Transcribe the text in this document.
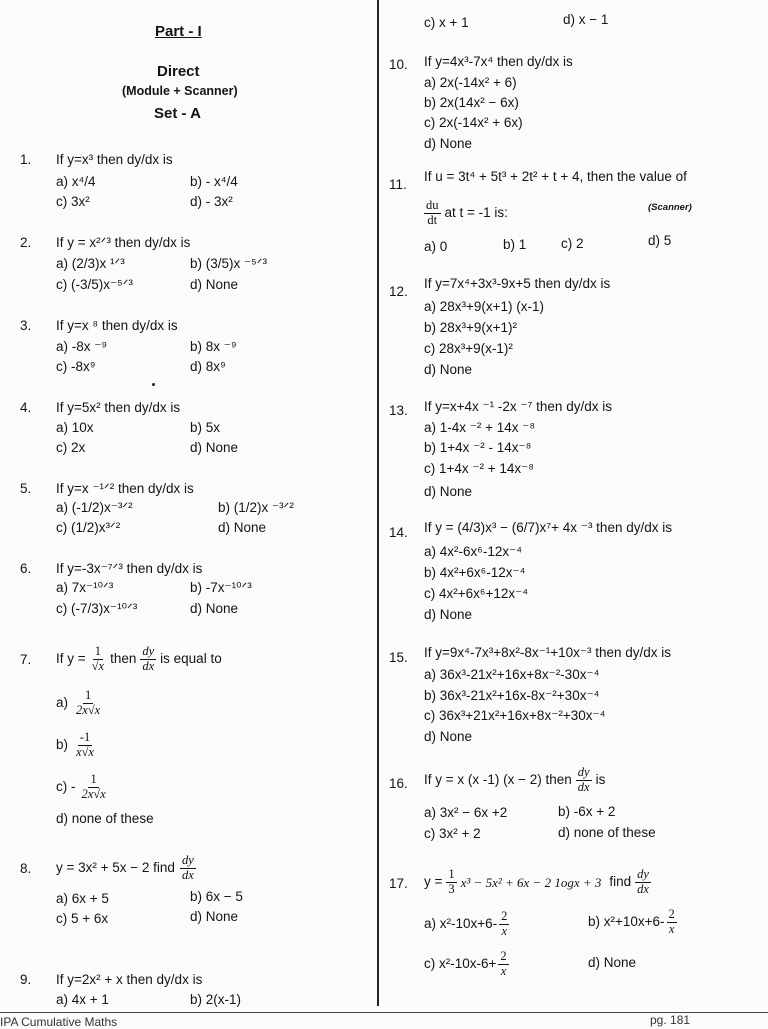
Part - I
Direct
(Module + Scanner)
Set - A
1. If y=x³ then dy/dx is
a) x⁴/4	b) - x⁴/4
c) 3x²	d) - 3x²
2. If y = x²ᐟ³ then dy/dx is
a) (2/3)x ¹ᐟ³	b) (3/5)x ⁻⁵ᐟ³
c) (-3/5)x⁻⁵ᐟ³	d) None
3. If y=x ⁸ then dy/dx is
a) -8x ⁻⁹	b) 8x ⁻⁹
c) -8x⁹	d) 8x⁹
4. If y=5x² then dy/dx is
a) 10x	b) 5x
c) 2x	d) None
5. If y=x ⁻¹ᐟ² then dy/dx is
a) (-1/2)x⁻³ᐟ²	b) (1/2)x ⁻³ᐟ²
c) (1/2)x³ᐟ²	d) None
6. If y=-3x⁻⁷ᐟ³ then dy/dx is
a) 7x⁻¹⁰ᐟ³	b) -7x⁻¹⁰ᐟ³
c) (-7/3)x⁻¹⁰ᐟ³	d) None
7. If $y = \frac{1}{√x}$ then $\frac{dy}{dx}$ is equal to
$a) \frac{1}{2x√x}$
$b) \frac{-1}{x√x}$
$c) - \frac{1}{2x√x}$
d) none of these
8. y = 3x² + 5x − 2 find $\frac{dy}{dx}$
a) 6x + 5	b) 6x − 5
c) 5 + 6x	d) None
9. If y=2x² + x then dy/dx is
a) 4x + 1	b) 2(x-1)
c) x + 1	d) x − 1
10. If y=4x³-7x⁴ then dy/dx is
a) 2x(-14x² + 6)
b) 2x(14x² − 6x)
c) 2x(-14x² + 6x)
d) None
11.
If u = 3t⁴ + 5t³ + 2t² + t + 4, then the value of
$\frac{du}{dt}$ at t = -1 is:	(Scanner)
a) 0	b) 1	c) 2	d) 5
12.
If y=7x⁴+3x³-9x+5 then dy/dx is
a) 28x³+9(x+1) (x-1)
b) 28x³+9(x+1)²
c) 28x³+9(x-1)²
d) None
13. If y=x+4x ⁻¹ -2x ⁻⁷ then dy/dx is
a) 1-4x ⁻² + 14x ⁻⁸
b) 1+4x ⁻² - 14x⁻⁸
c) 1+4x ⁻² + 14x⁻⁸
d) None
14. If y = (4/3)x³ − (6/7)x⁷+ 4x ⁻³ then dy/dx is
a) 4x²-6x⁶-12x⁻⁴
b) 4x²+6x⁶-12x⁻⁴
c) 4x²+6x⁶+12x⁻⁴
d) None
15. If y=9x⁴-7x³+8x²-8x⁻¹+10x⁻³ then dy/dx is
a) 36x³-21x²+16x+8x⁻²-30x⁻⁴
b) 36x³-21x²+16x-8x⁻²+30x⁻⁴
c) 36x³+21x²+16x+8x⁻²+30x⁻⁴
d) None
16. If y = x (x -1) (x − 2) then $\frac{dy}{dx}$ is
a) 3x² − 6x +2	b) -6x + 2
c) 3x² + 2	d) none of these
17. $y = \frac{1}{3} x^3 - 5x^2 + 6x - 2$ 1ogx + 3 find $\frac{dy}{dx}$
a) $x^2-10x+6- \frac{2}{x}$	b) $x^2+10x+6- \frac{2}{x}$
c) $x^2-10x-6+ \frac{2}{x}$	d) None
IPA Cumulative Maths	pg. 181
